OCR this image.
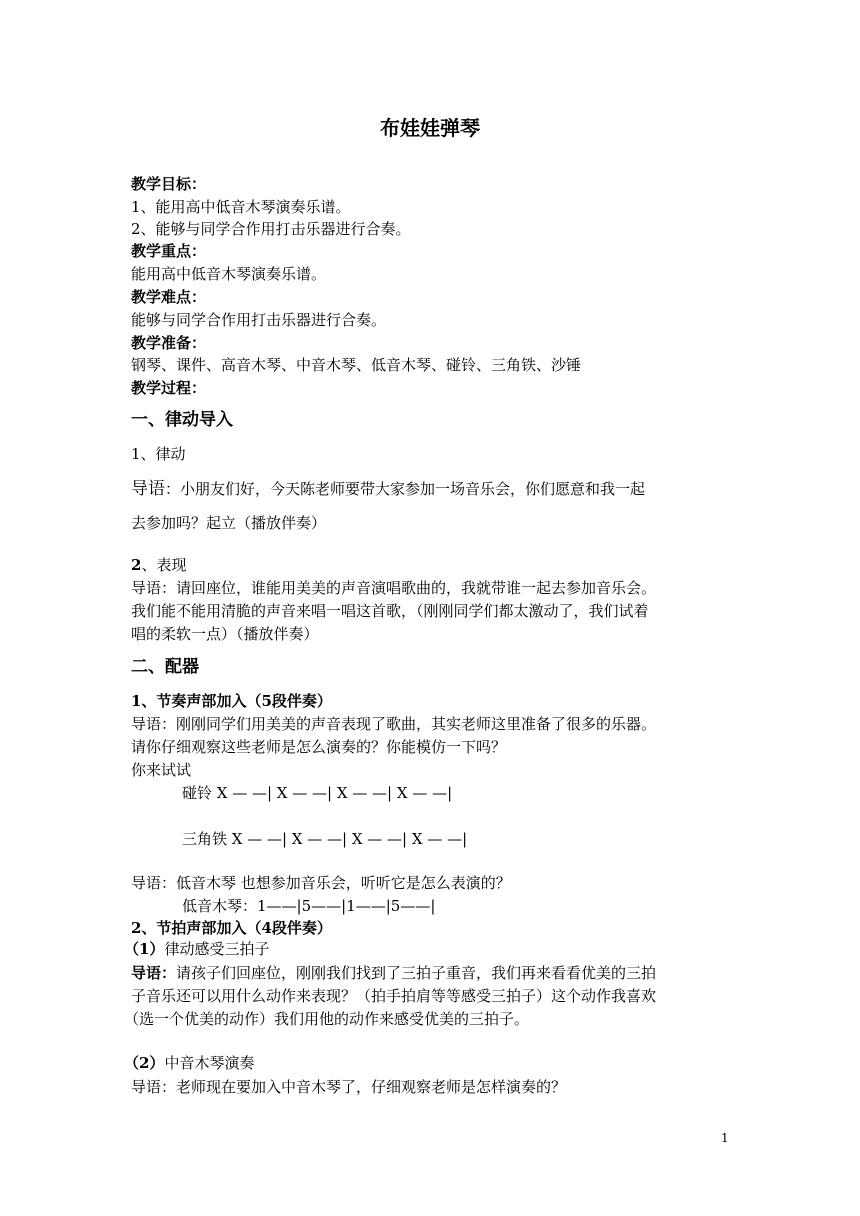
布娃娃弹琴
教学目标：
1、能用高中低音木琴演奏乐谱。
2、能够与同学合作用打击乐器进行合奏。
教学重点：
能用高中低音木琴演奏乐谱。
教学难点：
能够与同学合作用打击乐器进行合奏。
教学准备：
钢琴、课件、高音木琴、中音木琴、低音木琴、碰铃、三角铁、沙锤
教学过程：
一、律动导入
1、律动
导语：小朋友们好，今天陈老师要带大家参加一场音乐会，你们愿意和我一起
去参加吗？起立（播放伴奏）
2、表现
导语：请回座位，谁能用美美的声音演唱歌曲的，我就带谁一起去参加音乐会。
我们能不能用清脆的声音来唱一唱这首歌，（刚刚同学们都太激动了，我们试着
唱的柔软一点）（播放伴奏）
二、配器
1、节奏声部加入（5段伴奏）
导语：刚刚同学们用美美的声音表现了歌曲，其实老师这里准备了很多的乐器。
请你仔细观察这些老师是怎么演奏的？你能模仿一下吗？
你来试试
碰铃 X — —| X — —| X — —| X — —|
三角铁 X — —| X — —| X — —| X — —|
导语：低音木琴 也想参加音乐会，听听它是怎么表演的？
低音木琴：1——|5——|1——|5——|
2、节拍声部加入（4段伴奏）
（1）律动感受三拍子
导语：请孩子们回座位，刚刚我们找到了三拍子重音，我们再来看看优美的三拍
子音乐还可以用什么动作来表现？（拍手拍肩等等感受三拍子）这个动作我喜欢
（选一个优美的动作）我们用他的动作来感受优美的三拍子。
（2）中音木琴演奏
导语：老师现在要加入中音木琴了，仔细观察老师是怎样演奏的？
1
